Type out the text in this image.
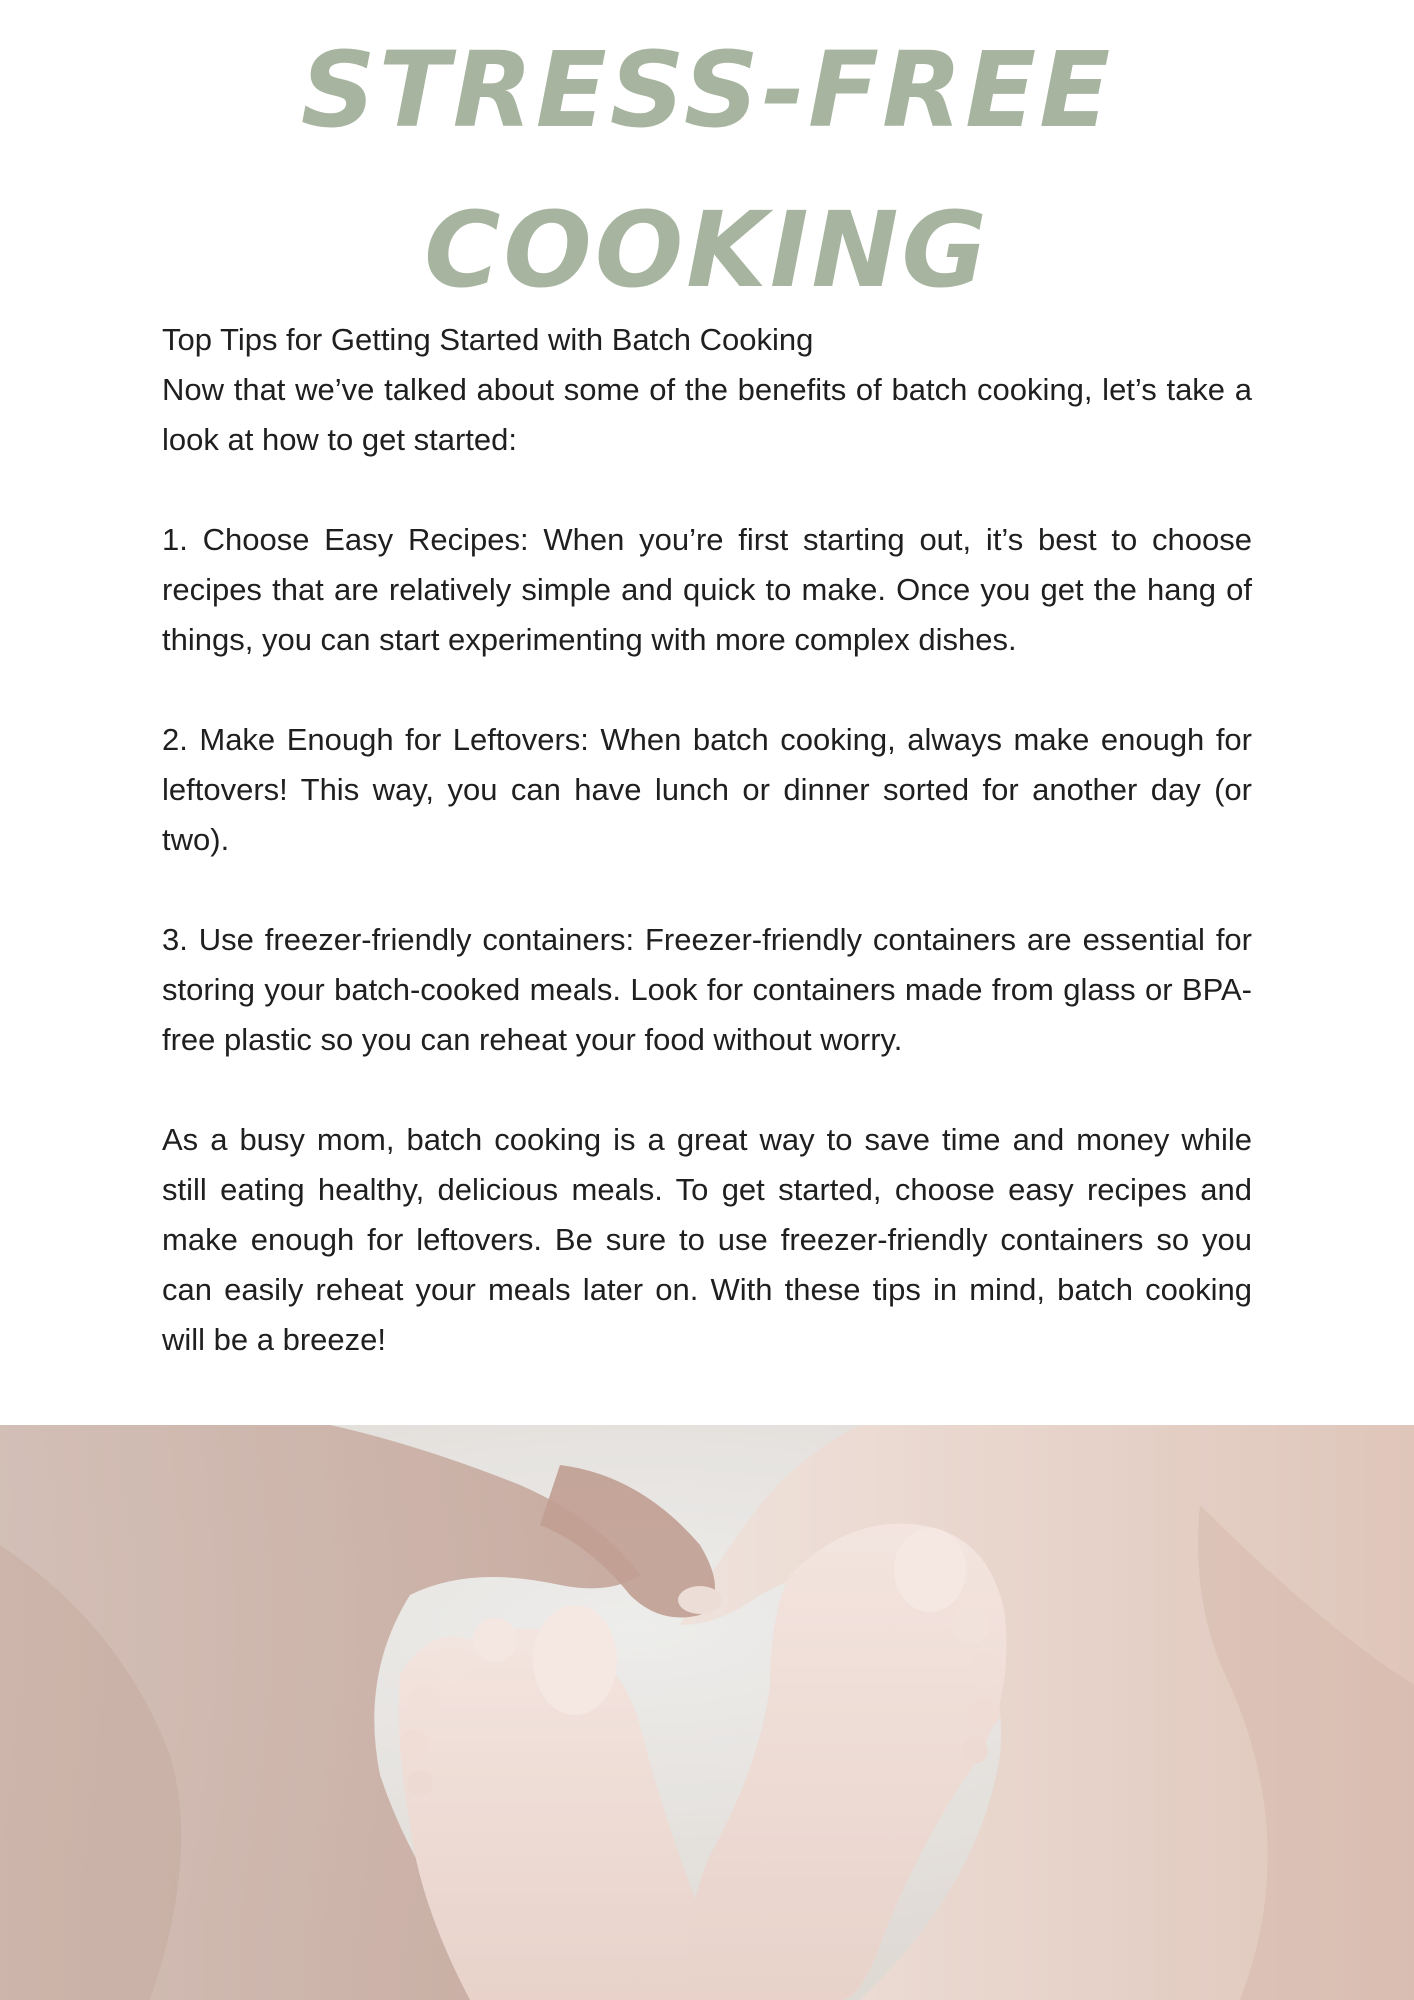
STRESS-FREE
COOKING

Top Tips for Getting Started with Batch Cooking

Now that we’ve talked about some of the benefits of batch cooking, let’s take a look at how to get started:

1. Choose Easy Recipes: When you’re first starting out, it’s best to choose recipes that are relatively simple and quick to make. Once you get the hang of things, you can start experimenting with more complex dishes.

2. Make Enough for Leftovers: When batch cooking, always make enough for leftovers! This way, you can have lunch or dinner sorted for another day (or two).

3. Use freezer-friendly containers: Freezer-friendly containers are essential for storing your batch-cooked meals. Look for containers made from glass or BPA-free plastic so you can reheat your food without worry.

As a busy mom, batch cooking is a great way to save time and money while still eating healthy, delicious meals. To get started, choose easy recipes and make enough for leftovers. Be sure to use freezer-friendly containers so you can easily reheat your meals later on. With these tips in mind, batch cooking will be a breeze!
